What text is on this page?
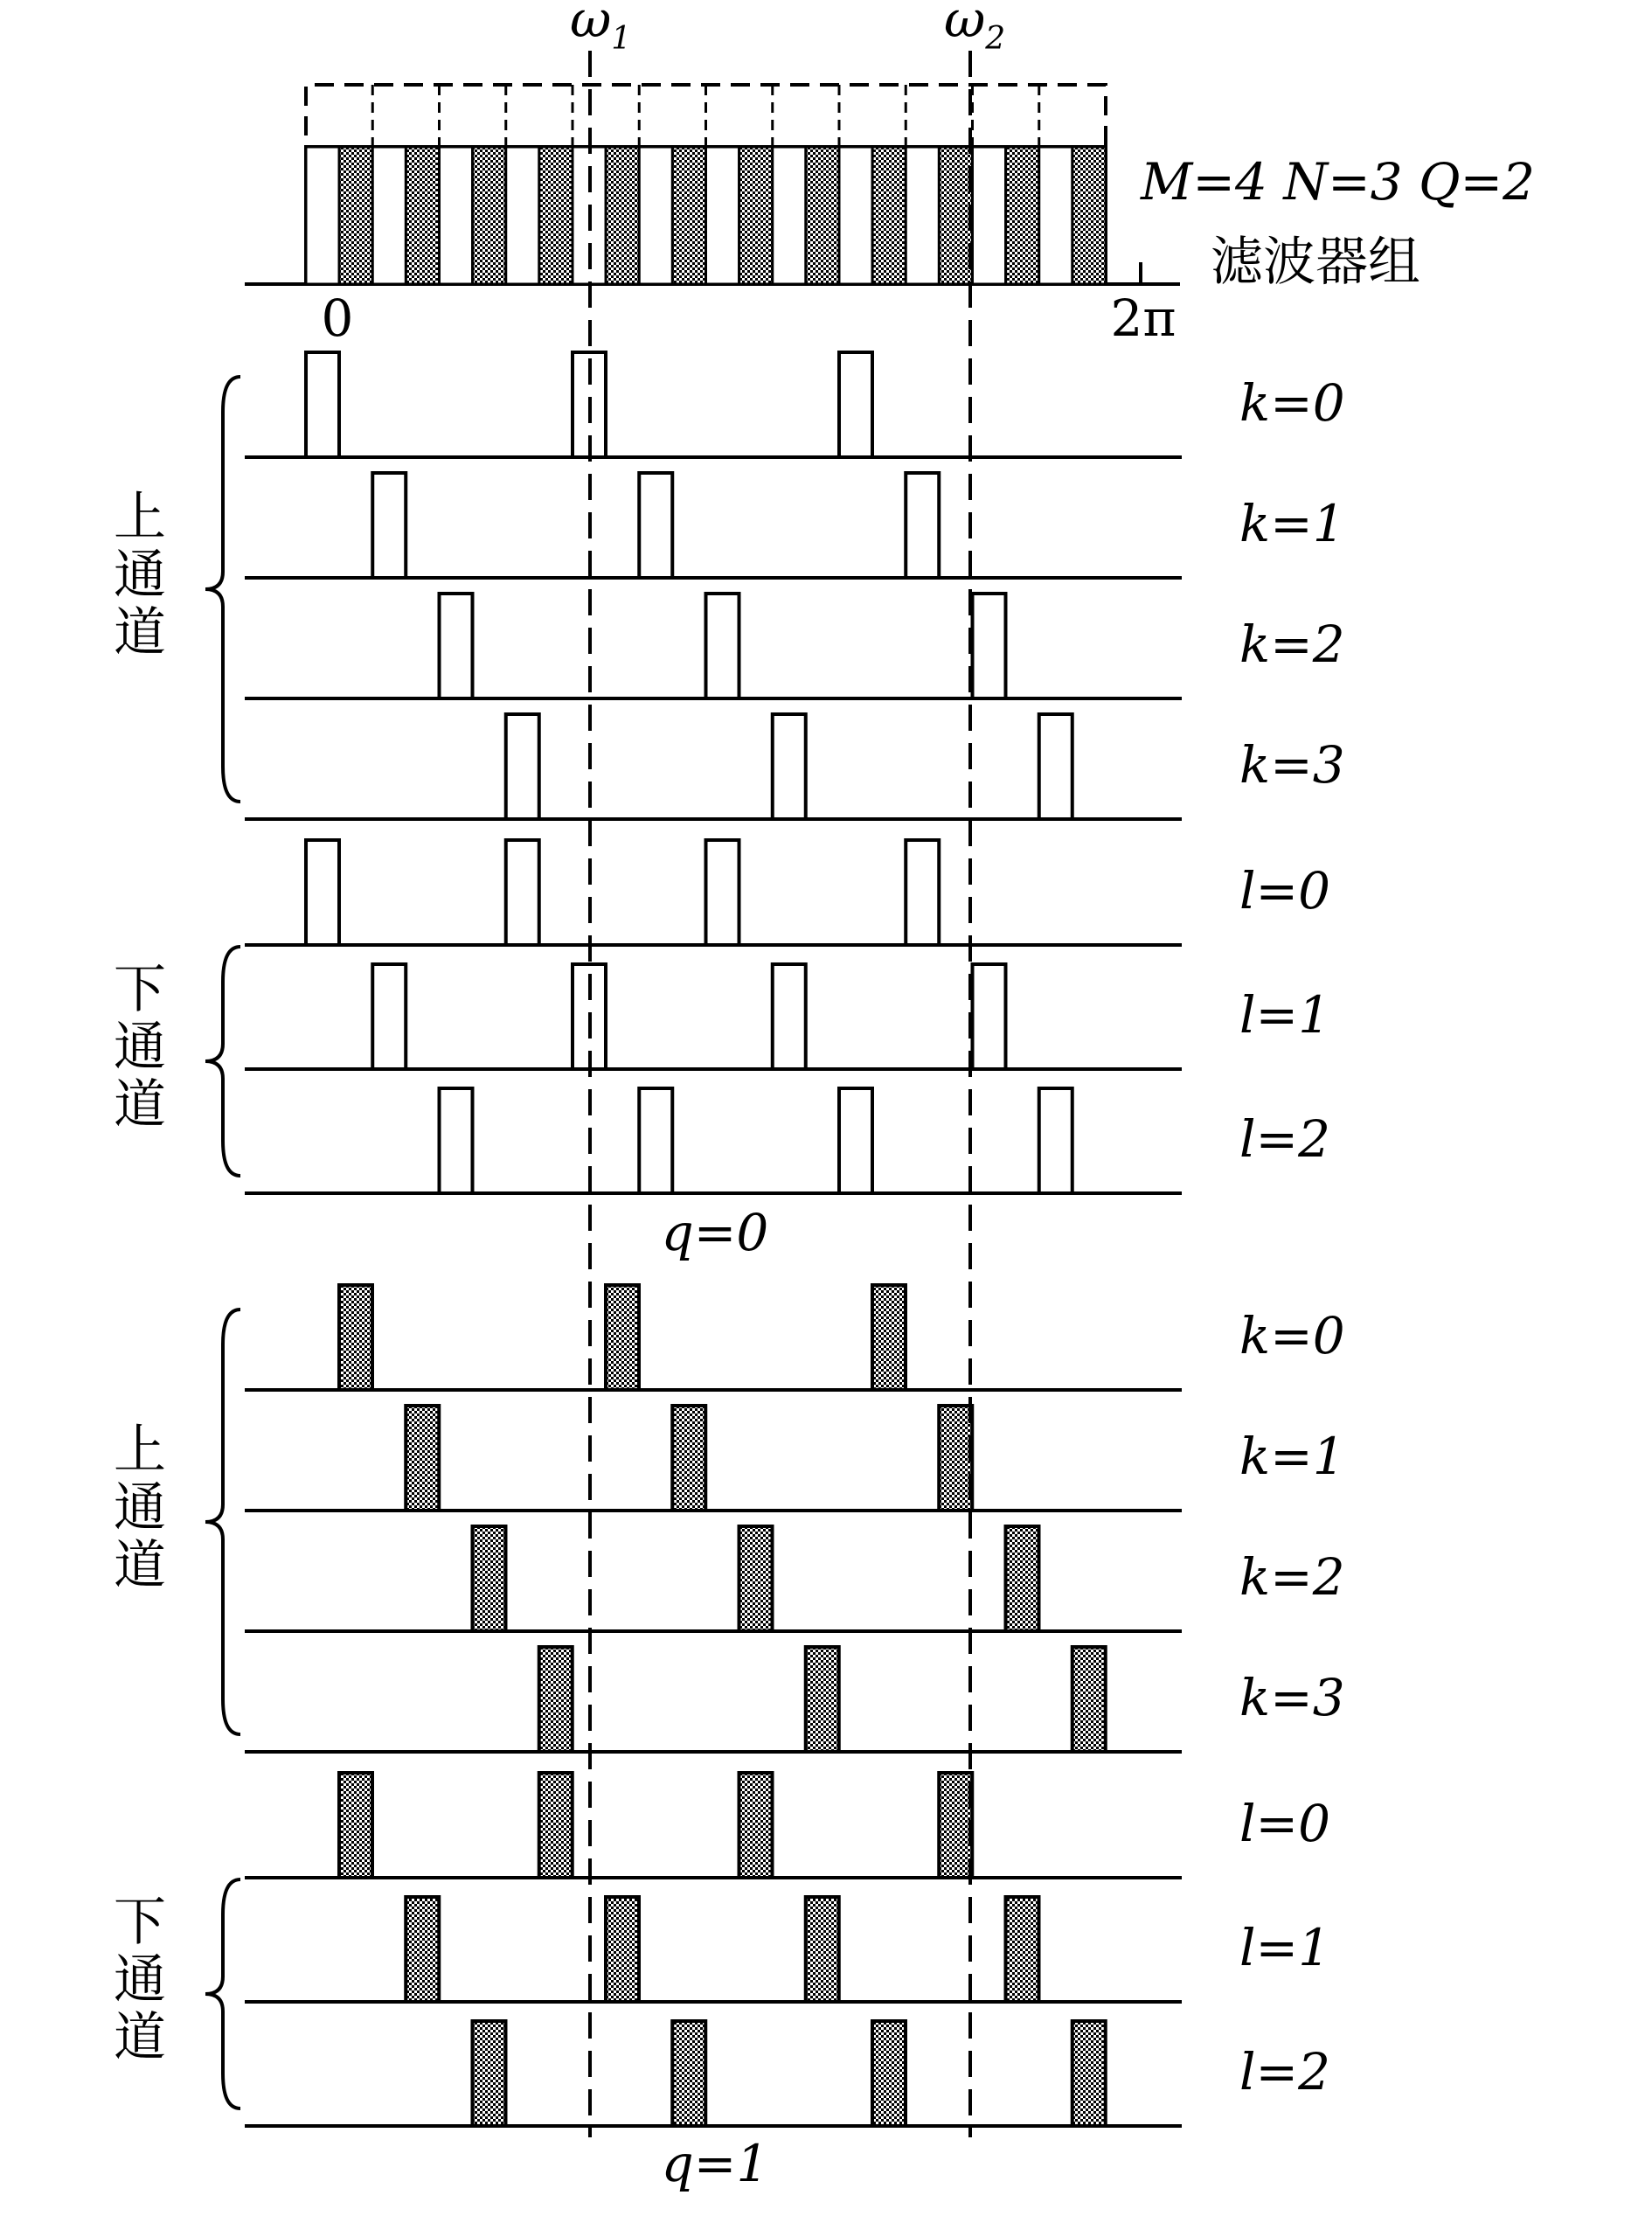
0	2π
$\omega_1$	$\omega_2$
M=4 N=3 Q=2
滤波器组
k=0
k=1
k=2
k=3
l=0
l=1
l=2
上
通
道
下
通
道
q=0
k=0
k=1
k=2
k=3
l=0
l=1
l=2
上
通
道
下
通
道
q=1
